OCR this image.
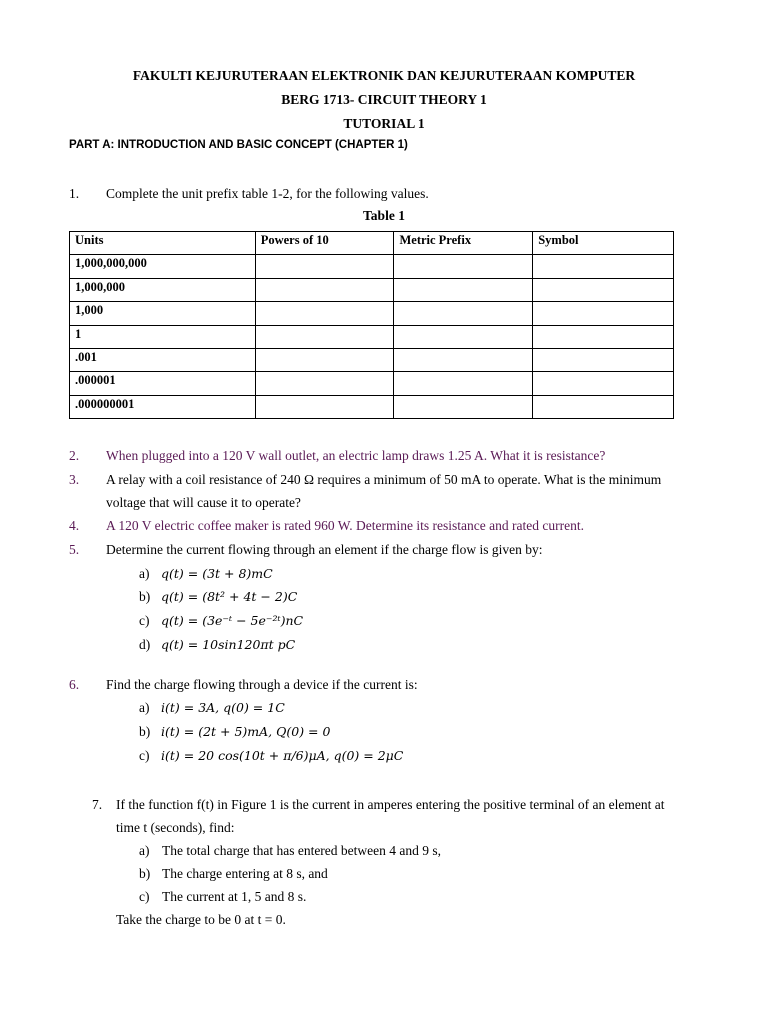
FAKULTI KEJURUTERAAN ELEKTRONIK DAN KEJURUTERAAN KOMPUTER
BERG 1713- CIRCUIT THEORY 1
TUTORIAL 1
PART A: INTRODUCTION AND BASIC CONCEPT (CHAPTER 1)
1. Complete the unit prefix table 1-2, for the following values.
Table 1
Units	Powers of 10	Metric Prefix	Symbol
1,000,000,000			
1,000,000			
1,000			
1			
.001			
.000001			
.000000001			
2. When plugged into a 120 V wall outlet, an electric lamp draws 1.25 A. What it is resistance?
3. A relay with a coil resistance of 240 Ω requires a minimum of 50 mA to operate. What is the minimum
voltage that will cause it to operate?
4. A 120 V electric coffee maker is rated 960 W. Determine its resistance and rated current.
5. Determine the current flowing through an element if the charge flow is given by:
a) q(t) = (3t + 8)mC
b) q(t) = (8t² + 4t − 2)C
c) q(t) = (3e⁻ᵗ − 5e⁻²ᵗ)nC
d) q(t) = 10sin120πt pC
6. Find the charge flowing through a device if the current is:
a) i(t) = 3A, q(0) = 1C
b) i(t) = (2t + 5)mA, Q(0) = 0
c) i(t) = 20 cos(10t + π/6)μA, q(0) = 2μC
7. If the function f(t) in Figure 1 is the current in amperes entering the positive terminal of an element at
time t (seconds), find:
a) The total charge that has entered between 4 and 9 s,
b) The charge entering at 8 s, and
c) The current at 1, 5 and 8 s.
Take the charge to be 0 at t = 0.
